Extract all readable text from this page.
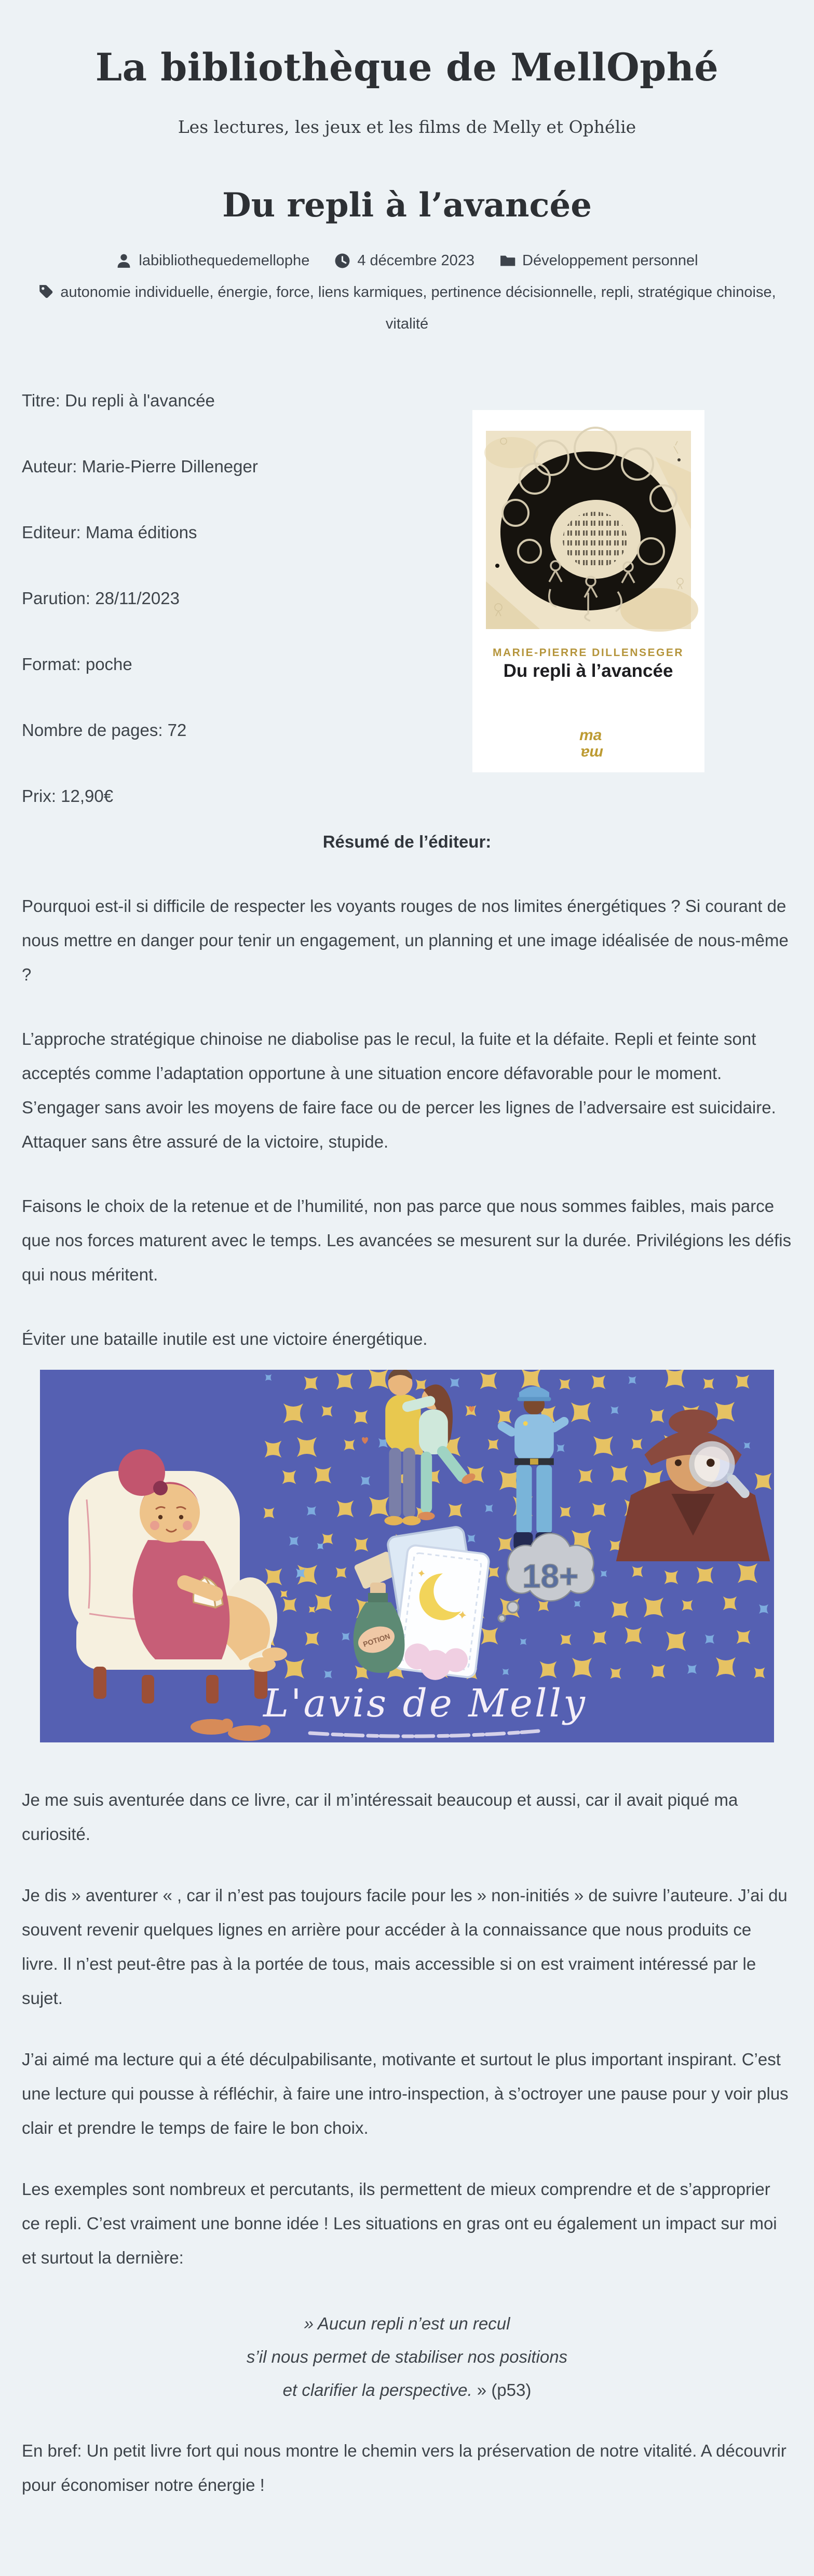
La bibliothèque de MellOphé
Les lectures, les jeux et les films de Melly et Ophélie
Du repli à l’avancée
labibliothequedemellophe	4 décembre 2023	Développement personnel
autonomie individuelle, énergie, force, liens karmiques, pertinence décisionnelle, repli, stratégique chinoise, vitalité

Titre: Du repli à l'avancée

Auteur: Marie-Pierre Dilleneger

Editeur: Mama éditions

Parution: 28/11/2023

Format: poche

Nombre de pages: 72

Prix: 12,90€

MARIE-PIERRE DILLENSEGER
Du repli à l’avancée
ma
ma

Résumé de l’éditeur:

Pourquoi est-il si difficile de respecter les voyants rouges de nos limites énergétiques ? Si courant de nous mettre en danger pour tenir un engagement, un planning et une image idéalisée de nous-même ?

L’approche stratégique chinoise ne diabolise pas le recul, la fuite et la défaite. Repli et feinte sont acceptés comme l’adaptation opportune à une situation encore défavorable pour le moment. S’engager sans avoir les moyens de faire face ou de percer les lignes de l’adversaire est suicidaire. Attaquer sans être assuré de la victoire, stupide.

Faisons le choix de la retenue et de l’humilité, non pas parce que nous sommes faibles, mais parce que nos forces maturent avec le temps. Les avancées se mesurent sur la durée. Privilégions les défis qui nous méritent.

Éviter une bataille inutile est une victoire énergétique.

POTION
18+
L'avis de Melly

Je me suis aventurée dans ce livre, car il m’intéressait beaucoup et aussi, car il avait piqué ma curiosité.

Je dis » aventurer « , car il n’est pas toujours facile pour les » non-initiés » de suivre l’auteure. J’ai du souvent revenir quelques lignes en arrière pour accéder à la connaissance que nous produits ce livre. Il n’est peut-être pas à la portée de tous, mais accessible si on est vraiment intéressé par le sujet.

J’ai aimé ma lecture qui a été déculpabilisante, motivante et surtout le plus important inspirant. C’est une lecture qui pousse à réfléchir, à faire une intro-inspection, à s’octroyer une pause pour y voir plus clair et prendre le temps de faire le bon choix.

Les exemples sont nombreux et percutants, ils permettent de mieux comprendre et de s’approprier ce repli. C’est vraiment une bonne idée ! Les situations en gras ont eu également un impact sur moi et surtout la dernière:

» Aucun repli n’est un recul
s’il nous permet de stabiliser nos positions
et clarifier la perspective. » (p53)

En bref: Un petit livre fort qui nous montre le chemin vers la préservation de notre vitalité. A découvrir pour économiser notre énergie !
